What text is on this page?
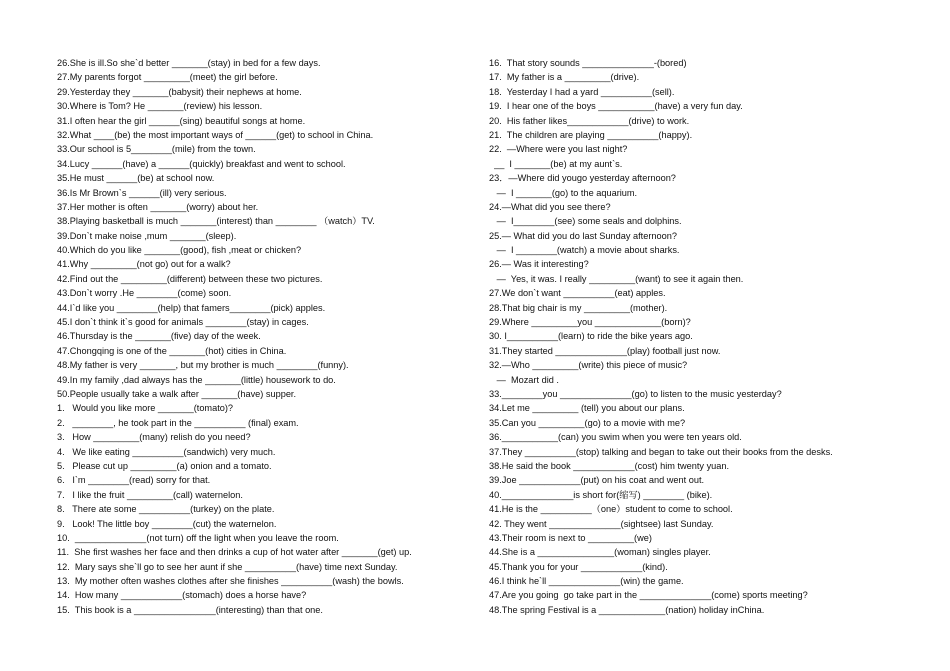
26.She is ill.So she`d better _______(stay) in bed for a few days.
27.My parents forgot _________(meet) the girl before.
29.Yesterday they _______(babysit) their nephews at home.
30.Where is Tom? He _______(review) his lesson.
31.I often hear the girl ______(sing) beautiful songs at home.
32.What ____(be) the most important ways of ______(get) to school in China.
33.Our school is 5________(mile) from the town.
34.Lucy ______(have) a ______(quickly) breakfast and went to school.
35.He must ______(be) at school now.
36.Is Mr Brown`s ______(ill) very serious.
37.Her mother is often _______(worry) about her.
38.Playing basketball is much _______(interest) than ________ （watch）TV.
39.Don`t make noise ,mum _______(sleep).
40.Which do you like _______(good), fish ,meat or chicken?
41.Why _________(not go) out for a walk?
42.Find out the _________(different) between these two pictures.
43.Don`t worry .He ________(come) soon.
44.I`d like you ________(help) that famers________(pick) apples.
45.I don`t think it`s good for animals ________(stay) in cages.
46.Thursday is the _______(five) day of the week.
47.Chongqing is one of the _______(hot) cities in China.
48.My father is very _______, but my brother is much ________(funny).
49.In my family ,dad always has the _______(little) housework to do.
50.People usually take a walk after _______(have) supper.
1.   Would you like more _______(tomato)?
2.   ________, he took part in the __________ (final) exam.
3.   How _________(many) relish do you need?
4.   We like eating __________(sandwich) very much.
5.   Please cut up _________(a) onion and a tomato.
6.   I`m ________(read) sorry for that.
7.   I like the fruit _________(call) waternelon.
8.   There ate some __________(turkey) on the plate.
9.   Look! The little boy ________(cut) the waternelon.
10.  ______________(not turn) off the light when you leave the room.
11.  She first washes her face and then drinks a cup of hot water after _______(get) up.
12.  Mary says she`ll go to see her aunt if she __________(have) time next Sunday.
13.  My mother often washes clothes after she finishes __________(wash) the bowls.
14.  How many ____________(stomach) does a horse have?
15.  This book is a ________________(interesting) than that one.
16.  That story sounds ______________-(bored)
17.  My father is a _________(drive).
18.  Yesterday I had a yard __________(sell).
19.  I hear one of the boys ___________(have) a very fun day.
20.  His father likes____________(drive) to work.
21.  The children are playing __________(happy).
22.  —Where were you last night?
__  I _______(be) at my aunt`s.
23．—Where did yougo yesterday afternoon?
—  I _______(go) to the aquarium.
24.—What did you see there?
—  I________(see) some seals and dolphins.
25.— What did you do last Sunday afternoon?
—  I ________(watch) a movie about sharks.
26.— Was it interesting?
—  Yes, it was. I really _________(want) to see it again then.
27.We don`t want __________(eat) apples.
28.That big chair is my _________(mother).
29.Where _________you _____________(born)?
30. I__________(learn) to ride the bike years ago.
31.They started ______________(play) football just now.
32.—Who _________(write) this piece of music?
—  Mozart did .
33.________you ______________(go) to listen to the music yesterday?
34.Let me _________ (tell) you about our plans.
35.Can you _________(go) to a movie with me?
36.___________(can) you swim when you were ten years old.
37.They __________(stop) talking and began to take out their books from the desks.
38.He said the book ____________(cost) him twenty yuan.
39.Joe ____________(put) on his coat and went out.
40.______________is short for(缩写) ________ (bike).
41.He is the __________（one）student to come to school.
42. They went ______________(sightsee) last Sunday.
43.Their room is next to _________(we)
44.She is a _______________(woman) singles player.
45.Thank you for your ____________(kind).
46.I think he`ll ______________(win) the game.
47.Are you going  go take part in the ______________(come) sports meeting?
48.The spring Festival is a _____________(nation) holiday inChina.
